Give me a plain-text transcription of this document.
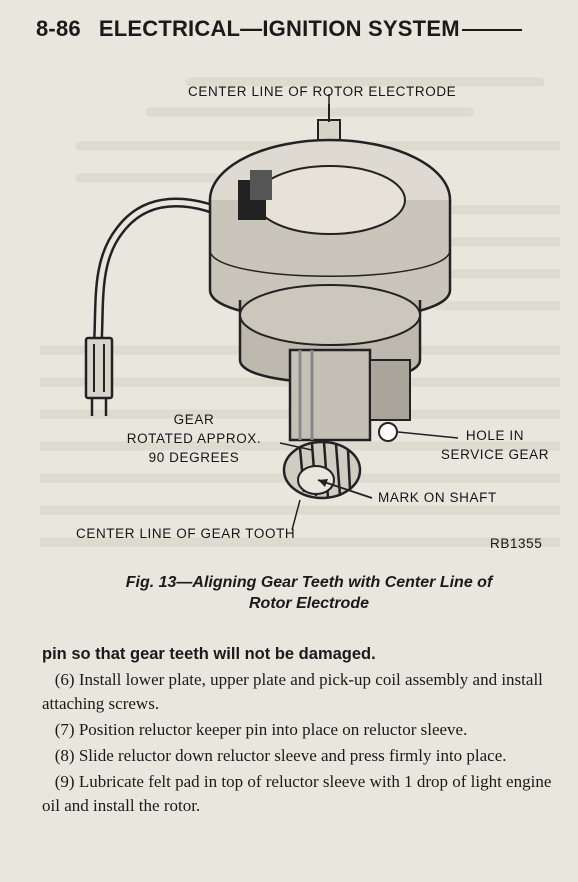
8-86 ELECTRICAL—IGNITION SYSTEM
CENTER LINE OF ROTOR ELECTRODE
GEAR
ROTATED APPROX.
90 DEGREES
HOLE IN
SERVICE GEAR
MARK ON SHAFT
CENTER LINE OF GEAR TOOTH
RB1355
Fig. 13—Aligning Gear Teeth with Center Line of
Rotor Electrode

pin so that gear teeth will not be damaged.

(6) Install lower plate, upper plate and pick-up coil assembly and install attaching screws.

(7) Position reluctor keeper pin into place on reluctor sleeve.

(8) Slide reluctor down reluctor sleeve and press firmly into place.

(9) Lubricate felt pad in top of reluctor sleeve with 1 drop of light engine oil and install the rotor.
